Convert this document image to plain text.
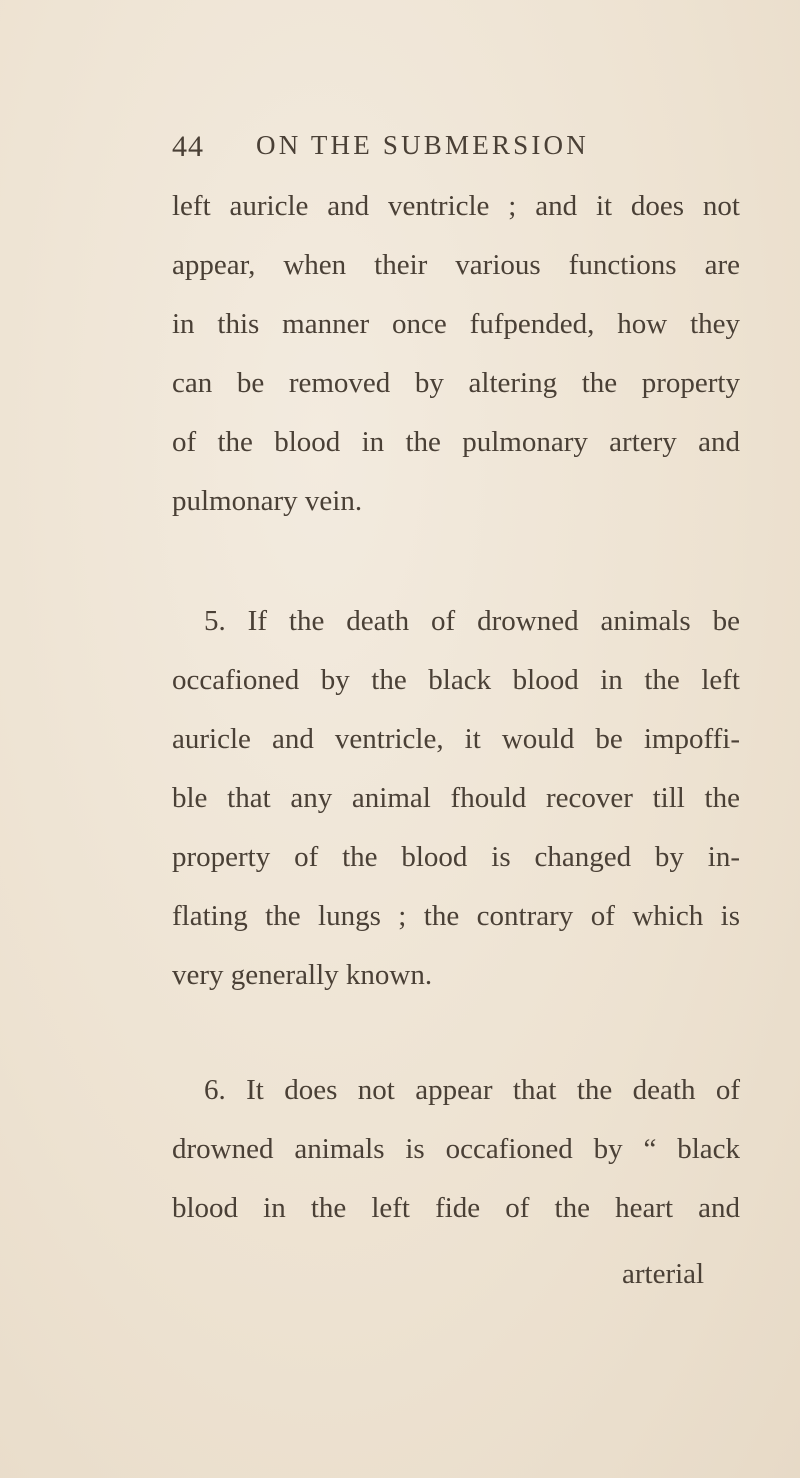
44 ON THE SUBMERSION
left auricle and ventricle ; and it does not
appear, when their various functions are
in this manner once fufpended, how they
can be removed by altering the property
of the blood in the pulmonary artery and
pulmonary vein.
5. If the death of drowned animals be
occafioned by the black blood in the left
auricle and ventricle, it would be impoffi-
ble that any animal fhould recover till the
property of the blood is changed by in-
flating the lungs ; the contrary of which is
very generally known.
6. It does not appear that the death of
drowned animals is occafioned by “ black
blood in the left fide of the heart and
arterial
